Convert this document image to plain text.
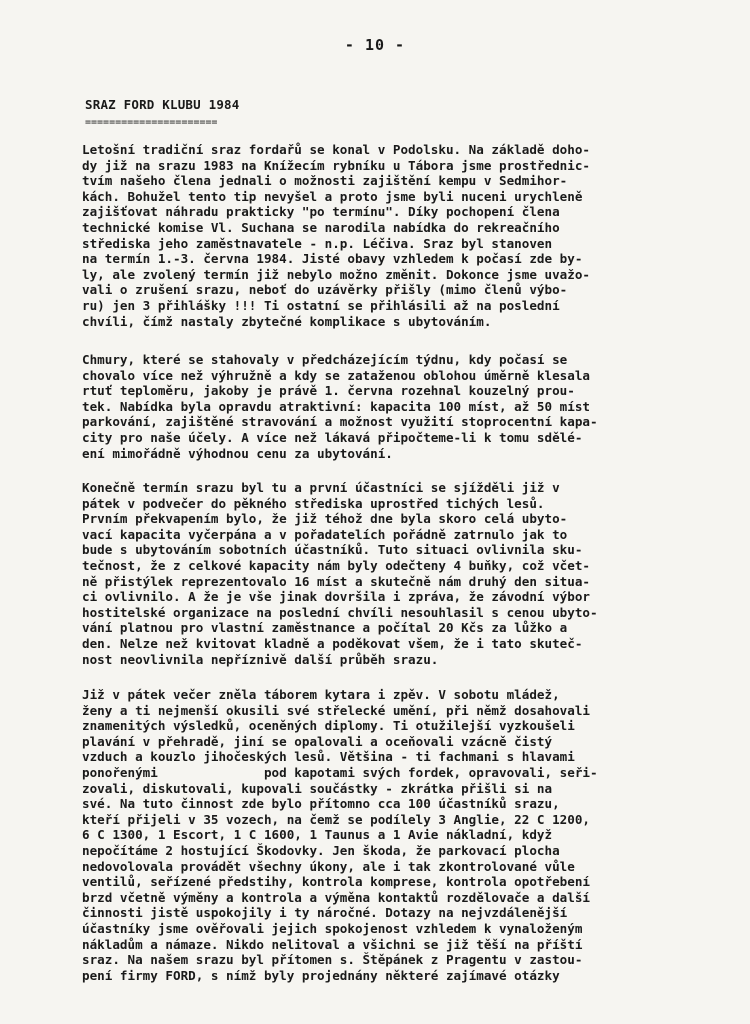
- 10 -
SRAZ FORD KLUBU 1984
======================
Letošní tradiční sraz fordařů se konal v Podolsku. Na základě doho-
dy již na srazu 1983 na Knížecím rybníku u Tábora jsme prostřednic-
tvím našeho člena jednali o možnosti zajištění kempu v Sedmihor-
kách. Bohužel tento tip nevyšel a proto jsme byli nuceni urychleně
zajišťovat náhradu prakticky "po termínu". Díky pochopení člena
technické komise Vl. Suchana se narodila nabídka do rekreačního
střediska jeho zaměstnavatele - n.p. Léčiva. Sraz byl stanoven
na termín 1.-3. června 1984. Jisté obavy vzhledem k počasí zde by-
ly, ale zvolený termín již nebylo možno změnit. Dokonce jsme uvažo-
vali o zrušení srazu, neboť do uzávěrky přišly (mimo členů výbo-
ru) jen 3 přihlášky !!! Ti ostatní se přihlásili až na poslední
chvíli, čímž nastaly zbytečné komplikace s ubytováním.
Chmury, které se stahovaly v předcházejícím týdnu, kdy počasí se
chovalo více než výhružně a kdy se zataženou oblohou úměrně klesala
rtuť teploměru, jakoby je právě 1. června rozehnal kouzelný prou-
tek. Nabídka byla opravdu atraktivní: kapacita 100 míst, až 50 míst
parkování, zajištěné stravování a možnost využití stoprocentní kapa-
city pro naše účely. A více než lákavá připočteme-li k tomu sdělé-
ení mimořádně výhodnou cenu za ubytování.
Konečně termín srazu byl tu a první účastníci se sjížděli již v
pátek v podvečer do pěkného střediska uprostřed tichých lesů.
Prvním překvapením bylo, že již téhož dne byla skoro celá ubyto-
vací kapacita vyčerpána a v pořadatelích pořádně zatrnulo jak to
bude s ubytováním sobotních účastníků. Tuto situaci ovlivnila sku-
tečnost, že z celkové kapacity nám byly odečteny 4 buňky, což včet-
ně přistýlek reprezentovalo 16 míst a skutečně nám druhý den situa-
ci ovlivnilo. A že je vše jinak dovršila i zpráva, že závodní výbor
hostitelské organizace na poslední chvíli nesouhlasil s cenou ubyto-
vání platnou pro vlastní zaměstnance a počítal 20 Kčs za lůžko a
den. Nelze než kvitovat kladně a poděkovat všem, že i tato skuteč-
nost neovlivnila nepříznivě další průběh srazu.
Již v pátek večer zněla táborem kytara i zpěv. V sobotu mládež,
ženy a ti nejmenší okusili své střelecké umění, při němž dosahovali
znamenitých výsledků, oceněných diplomy. Ti otužilejší vyzkoušeli
plavání v přehradě, jiní se opalovali a oceňovali vzácně čistý
vzduch a kouzlo jihočeských lesů. Většina - ti fachmani s hlavami
ponořenými              pod kapotami svých fordek, opravovali, seři-
zovali, diskutovali, kupovali součástky - zkrátka přišli si na
své. Na tuto činnost zde bylo přítomno cca 100 účastníků srazu,
kteří přijeli v 35 vozech, na čemž se podílely 3 Anglie, 22 C 1200,
6 C 1300, 1 Escort, 1 C 1600, 1 Taunus a 1 Avie nákladní, když
nepočítáme 2 hostující Škodovky. Jen škoda, že parkovací plocha
nedovolovala provádět všechny úkony, ale i tak zkontrolované vůle
ventilů, seřízené předstihy, kontrola komprese, kontrola opotřebení
brzd včetně výměny a kontrola a výměna kontaktů rozdělovače a další
činnosti jistě uspokojily i ty náročné. Dotazy na nejvzdálenější
účastníky jsme ověřovali jejich spokojenost vzhledem k vynaloženým
nákladům a námaze. Nikdo nelitoval a všichni se již těší na příští
sraz. Na našem srazu byl přítomen s. Štěpánek z Pragentu v zastou-
pení firmy FORD, s nímž byly projednány některé zajímavé otázky
